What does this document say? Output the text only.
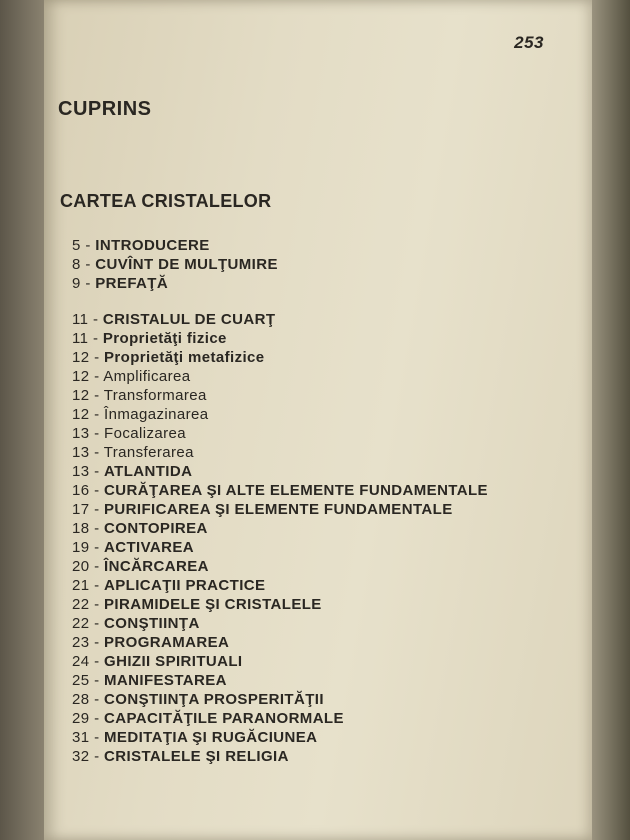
253
CUPRINS
CARTEA CRISTALELOR
5 - INTRODUCERE
8 - CUVÎNT DE MULŢUMIRE
9 - PREFAŢĂ
11 - CRISTALUL DE CUARŢ
11 - Proprietăţi fizice
12 - Proprietăţi metafizice
12 - Amplificarea
12 - Transformarea
12 - Înmagazinarea
13 - Focalizarea
13 - Transferarea
13 - ATLANTIDA
16 - CURĂŢAREA ŞI ALTE ELEMENTE FUNDAMENTALE
17 - PURIFICAREA ŞI ELEMENTE FUNDAMENTALE
18 - CONTOPIREA
19 - ACTIVAREA
20 - ÎNCĂRCAREA
21 - APLICAŢII PRACTICE
22 - PIRAMIDELE ŞI CRISTALELE
22 - CONŞTIINŢA
23 - PROGRAMAREA
24 - GHIZII SPIRITUALI
25 - MANIFESTAREA
28 - CONŞTIINŢA PROSPERITĂŢII
29 - CAPACITĂŢILE PARANORMALE
31 - MEDITAŢIA ŞI RUGĂCIUNEA
32 - CRISTALELE ŞI RELIGIA
